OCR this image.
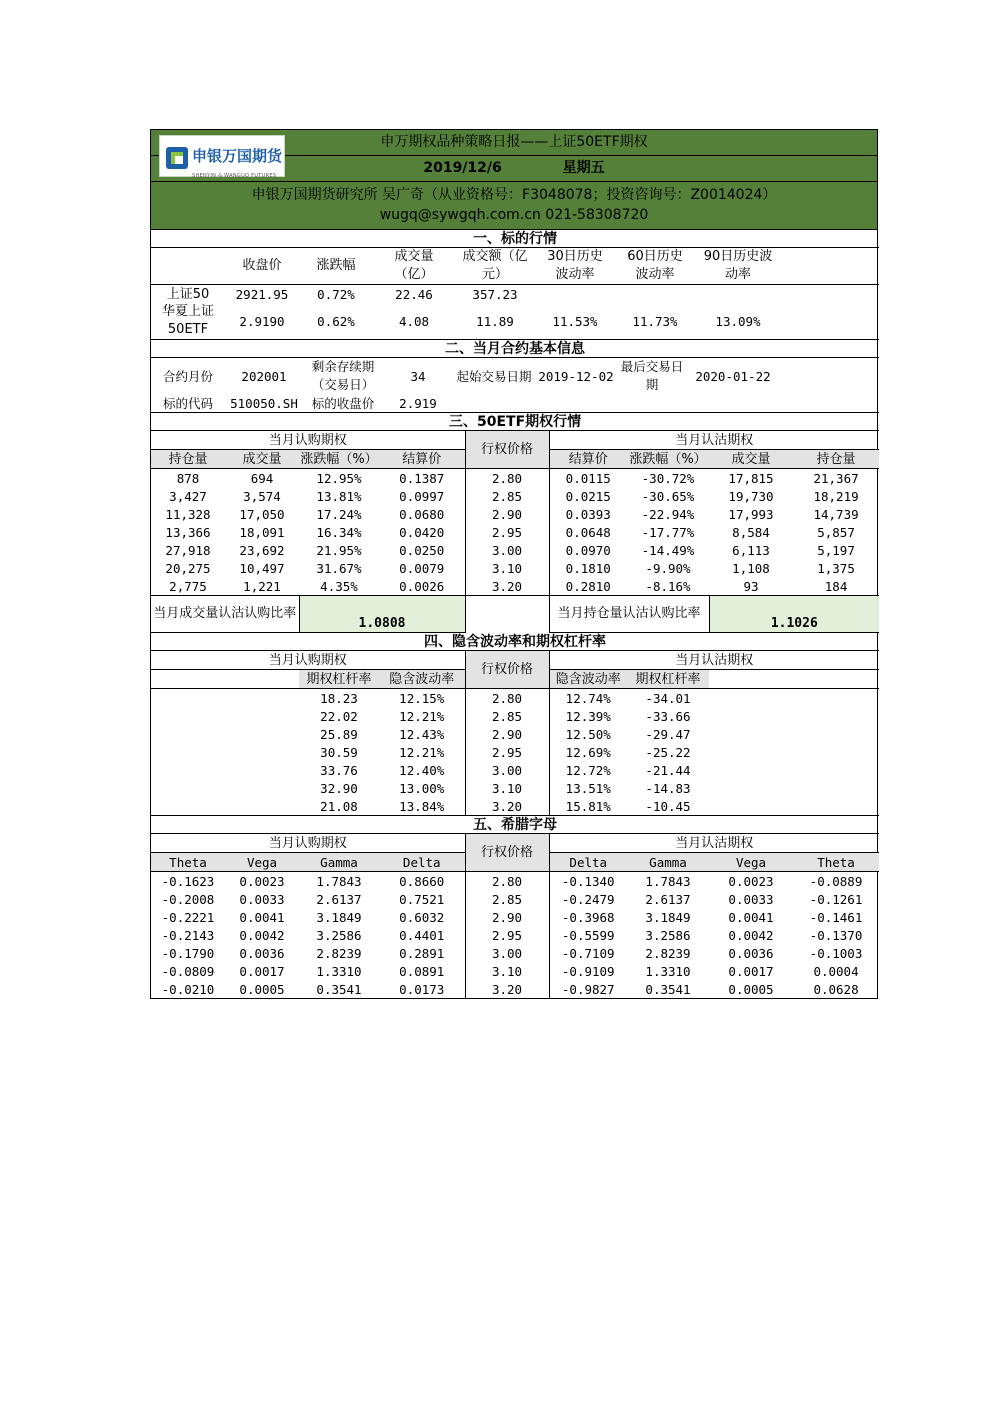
申银万国期货
SHENYIN & WANGUO FUTURES
申万期权品种策略日报——上证50ETF期权
2019/12/6	星期五
申银万国期货研究所 吴广奇（从业资格号：F3048078；投资咨询号：Z0014024）
wugq@sywgqh.com.cn 021-58308720
一、标的行情								
	收盘价	涨跌幅	成交量（亿）	成交额（亿元）	30日历史波动率	60日历史波动率	90日历史波动率	
上证50	2921.95	0.72%	22.46	357.23				
华夏上证50ETF	2.9190	0.62%	4.08	11.89	11.53%	11.73%	13.09%	
二、当月合约基本信息								
合约月份	202001	剩余存续期（交易日）	34	起始交易日期	2019-12-02	最后交易日期	2020-01-22	
标的代码	510050.SH	标的收盘价	2.919					
三、50ETF期权行情								
当月认购期权				行权价格	当月认沽期权			
持仓量	成交量	涨跌幅（%）	结算价		结算价	涨跌幅（%）	成交量	持仓量
878	694	12.95%	0.1387	2.80	0.0115	-30.72%	17,815	21,367
3,427	3,574	13.81%	0.0997	2.85	0.0215	-30.65%	19,730	18,219
11,328	17,050	17.24%	0.0680	2.90	0.0393	-22.94%	17,993	14,739
13,366	18,091	16.34%	0.0420	2.95	0.0648	-17.77%	8,584	5,857
27,918	23,692	21.95%	0.0250	3.00	0.0970	-14.49%	6,113	5,197
20,275	10,497	31.67%	0.0079	3.10	0.1810	-9.90%	1,108	1,375
2,775	1,221	4.35%	0.0026	3.20	0.2810	-8.16%	93	184
当月成交量认沽认购比率		1.0808			当月持仓量认沽认购比率		1.1026	
四、隐含波动率和期权杠杆率								
当月认购期权				行权价格	当月认沽期权			
		期权杠杆率	隐含波动率		隐含波动率	期权杠杆率		
		18.23	12.15%	2.80	12.74%	-34.01		
		22.02	12.21%	2.85	12.39%	-33.66		
		25.89	12.43%	2.90	12.50%	-29.47		
		30.59	12.21%	2.95	12.69%	-25.22		
		33.76	12.40%	3.00	12.72%	-21.44		
		32.90	13.00%	3.10	13.51%	-14.83		
		21.08	13.84%	3.20	15.81%	-10.45		
五、希腊字母								
当月认购期权				行权价格	当月认沽期权			
Theta	Vega	Gamma	Delta		Delta	Gamma	Vega	Theta
-0.1623	0.0023	1.7843	0.8660	2.80	-0.1340	1.7843	0.0023	-0.0889
-0.2008	0.0033	2.6137	0.7521	2.85	-0.2479	2.6137	0.0033	-0.1261
-0.2221	0.0041	3.1849	0.6032	2.90	-0.3968	3.1849	0.0041	-0.1461
-0.2143	0.0042	3.2586	0.4401	2.95	-0.5599	3.2586	0.0042	-0.1370
-0.1790	0.0036	2.8239	0.2891	3.00	-0.7109	2.8239	0.0036	-0.1003
-0.0809	0.0017	1.3310	0.0891	3.10	-0.9109	1.3310	0.0017	0.0004
-0.0210	0.0005	0.3541	0.0173	3.20	-0.9827	0.3541	0.0005	0.0628
